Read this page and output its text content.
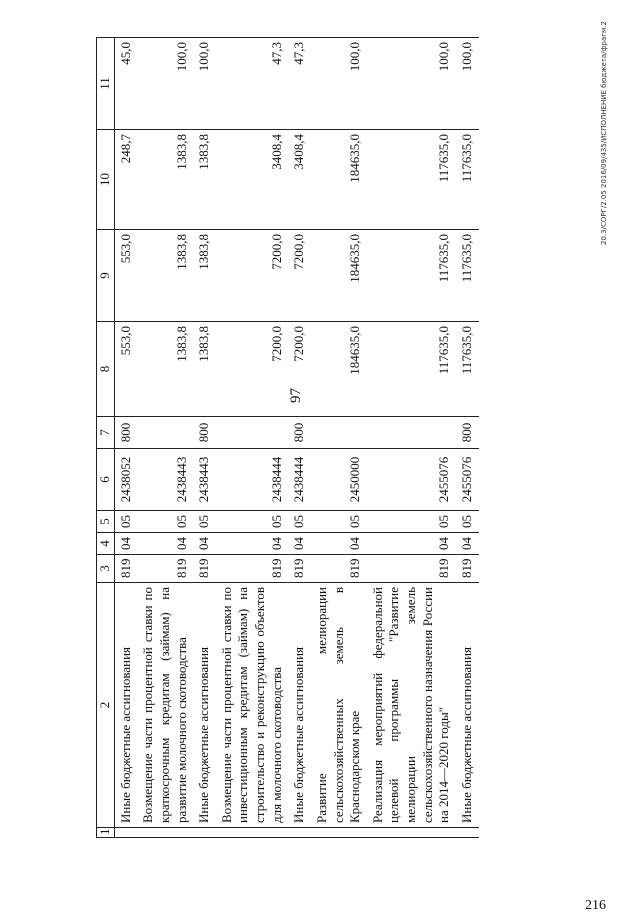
97
216
20.3/СОРГ/2.05 2016/09/435/ИСПОЛНЕНИЕ бюджета/фрагм.2
1	2	3	4	5	6	7	8	9	10	11
	Иные бюджетные ассигнования	819	04	05	2438052	800	553,0	553,0	248,7	45,0
	Возмещение части процентной ставки по краткосрочным кредитам (займам) на развитие молочного скотоводства	819	04	05	2438443		1383,8	1383,8	1383,8	100,0
	Иные бюджетные ассигнования	819	04	05	2438443	800	1383,8	1383,8	1383,8	100,0
	Возмещение части процентной ставки по инвестиционным кредитам (займам) на строительство и реконструкцию объектов для молочного скотоводства	819	04	05	2438444		7200,0	7200,0	3408,4	47,3
	Иные бюджетные ассигнования	819	04	05	2438444	800	7200,0	7200,0	3408,4	47,3
	Развитие мелиорации сельскохозяйственных земель в Краснодарском крае	819	04	05	2450000		184635,0	184635,0	184635,0	100,0
	Реализация мероприятий федеральной целевой программы "Развитие мелиорации земель сельскохозяйственного назначения России на 2014—2020 годы"	819	04	05	2455076		117635,0	117635,0	117635,0	100,0
	Иные бюджетные ассигнования	819	04	05	2455076	800	117635,0	117635,0	117635,0	100,0
